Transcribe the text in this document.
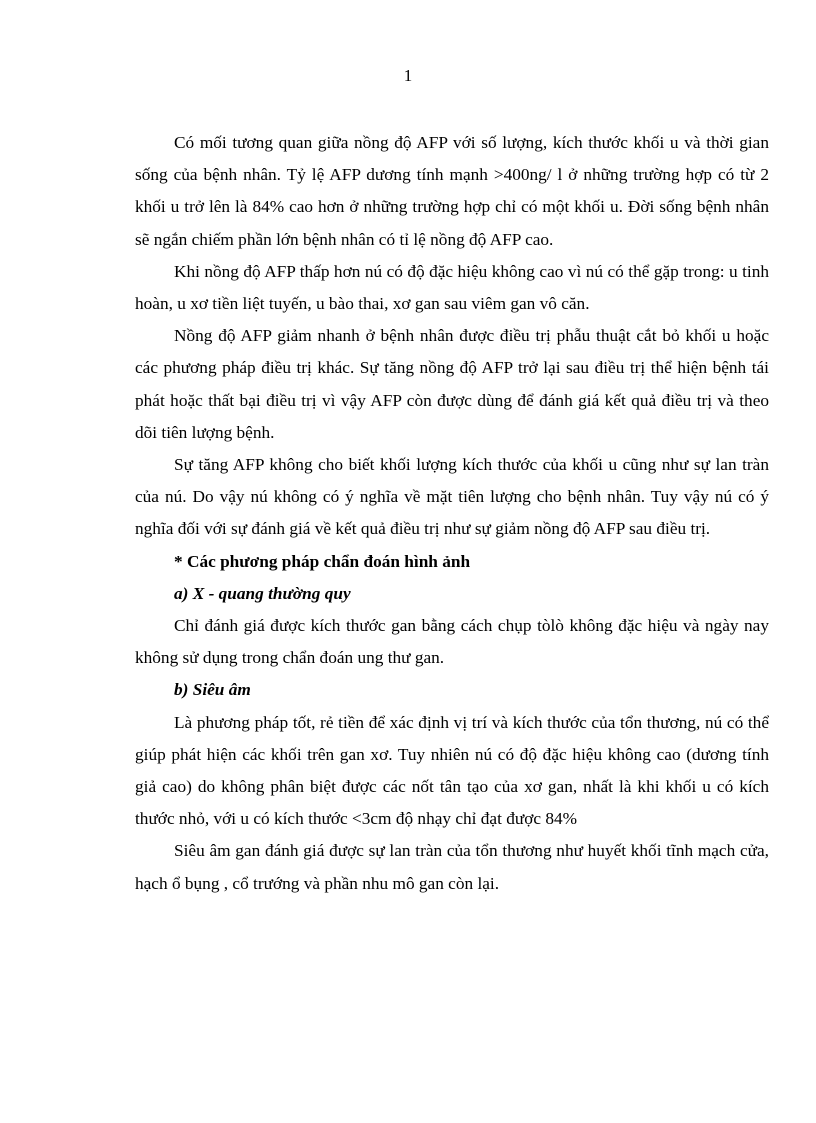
1

Có mối tương quan giữa nồng độ AFP với số lượng, kích thước khối u và thời gian sống của bệnh nhân. Tỷ lệ AFP dương tính mạnh >400ng/ l ở những trường hợp có từ 2 khối u trở lên là 84% cao hơn ở những trường hợp chỉ có một khối u. Đời sống bệnh nhân sẽ ngắn chiếm phần lớn bệnh nhân có tỉ lệ nồng độ AFP cao.

Khi nồng độ AFP thấp hơn nú có độ đặc hiệu không cao vì nú có thể gặp trong: u tinh hoàn, u xơ tiền liệt tuyến, u bào thai, xơ gan sau viêm gan vô căn.

Nồng độ AFP giảm nhanh ở bệnh nhân được điều trị phẫu thuật cắt bỏ khối u hoặc các phương pháp điều trị khác. Sự tăng nồng độ AFP trở lại sau điều trị thể hiện bệnh tái phát hoặc thất bại điều trị vì vậy AFP còn được dùng để đánh giá kết quả điều trị và theo dõi tiên lượng bệnh.

Sự tăng AFP không cho biết khối lượng kích thước của khối u cũng như sự lan tràn của nú. Do vậy nú không có ý nghĩa về mặt tiên lượng cho bệnh nhân. Tuy vậy nú có ý nghĩa đối với sự đánh giá về kết quả điều trị như sự giảm nồng độ AFP sau điều trị.

* Các phương pháp chẩn đoán hình ảnh

a) X - quang thường quy

Chỉ đánh giá được kích thước gan bằng cách chụp tòlò không đặc hiệu và ngày nay không sử dụng trong chẩn đoán ung thư gan.

b) Siêu âm

Là phương pháp tốt, rẻ tiền để xác định vị trí và kích thước của tổn thương, nú có thể giúp phát hiện các khối trên gan xơ. Tuy nhiên nú có độ đặc hiệu không cao (dương tính giả cao) do không phân biệt được các nốt tân tạo của xơ gan, nhất là khi khối u có kích thước nhỏ, với u có kích thước <3cm độ nhạy chỉ đạt được 84%

Siêu âm gan đánh giá được sự lan tràn của tổn thương như huyết khối tĩnh mạch cửa, hạch ổ bụng , cổ trướng và phần nhu mô gan còn lại.
